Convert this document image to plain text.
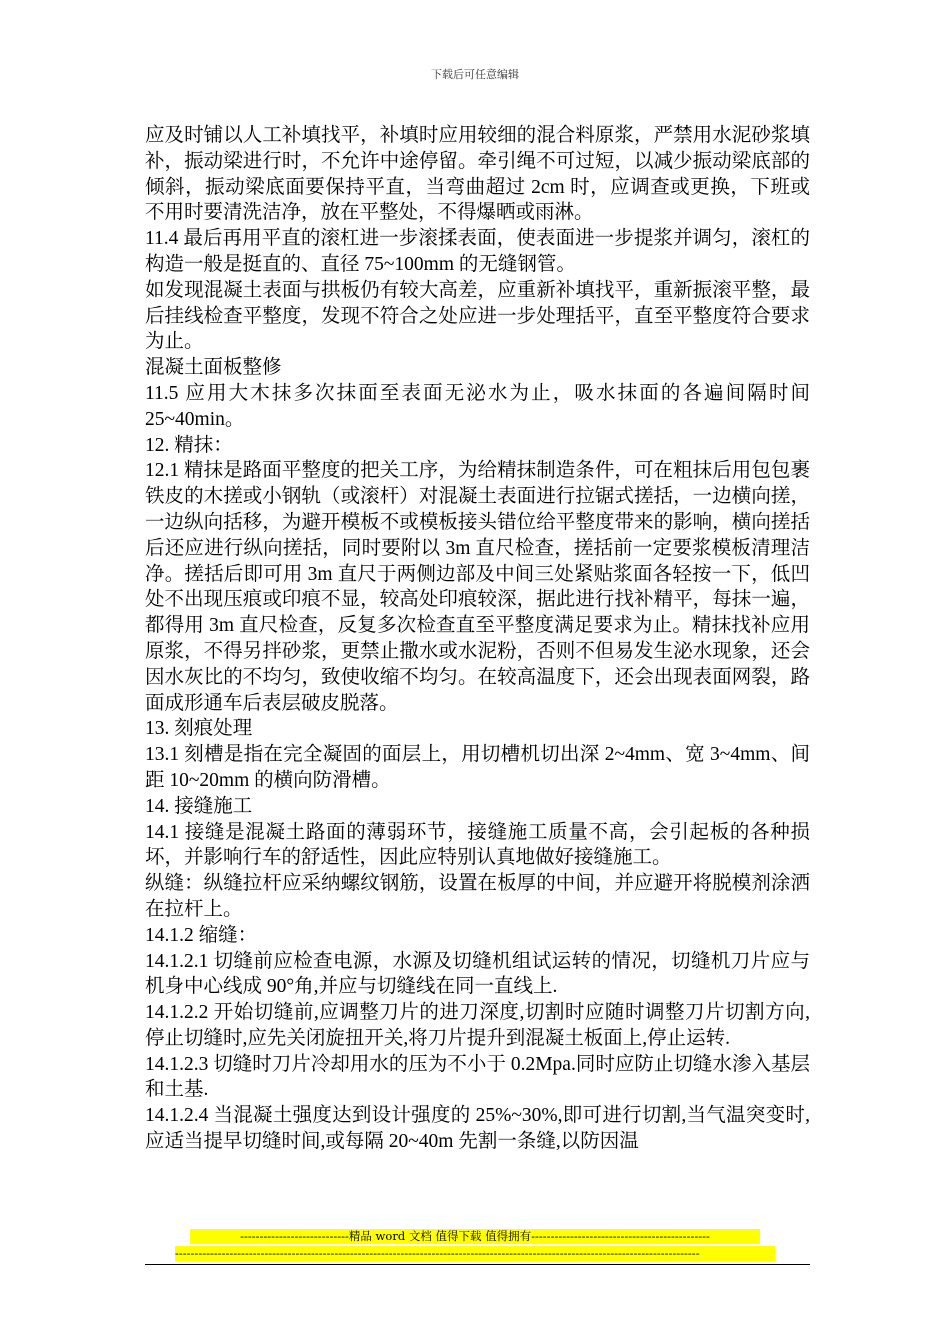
下载后可任意编辑

应及时铺以人工补填找平，补填时应用较细的混合料原浆，严禁用水泥砂浆填补，振动梁进行时，不允许中途停留。牵引绳不可过短，以减少振动梁底部的倾斜，振动梁底面要保持平直，当弯曲超过 2cm 时，应调查或更换，下班或不用时要清洗洁净，放在平整处，不得爆晒或雨淋。

11.4 最后再用平直的滚杠进一步滚揉表面，使表面进一步提浆并调匀，滚杠的构造一般是挺直的、直径 75~100mm 的无缝钢管。

如发现混凝土表面与拱板仍有较大高差，应重新补填找平，重新振滚平整，最后挂线检查平整度，发现不符合之处应进一步处理括平，直至平整度符合要求为止。

混凝土面板整修

11.5 应用大木抹多次抹面至表面无泌水为止，吸水抹面的各遍间隔时间 25~40min。

12. 精抹：

12.1 精抹是路面平整度的把关工序，为给精抹制造条件，可在粗抹后用包包裹铁皮的木搓或小钢轨（或滚杆）对混凝土表面进行拉锯式搓括，一边横向搓，一边纵向括移，为避开模板不或模板接头错位给平整度带来的影响，横向搓括后还应进行纵向搓括，同时要附以 3m 直尺检查，搓括前一定要浆模板清理洁净。搓括后即可用 3m 直尺于两侧边部及中间三处紧贴浆面各轻按一下，低凹处不出现压痕或印痕不显，较高处印痕较深，据此进行找补精平，每抹一遍，都得用 3m 直尺检查，反复多次检查直至平整度满足要求为止。精抹找补应用原浆，不得另拌砂浆，更禁止撒水或水泥粉，否则不但易发生泌水现象，还会因水灰比的不均匀，致使收缩不均匀。在较高温度下，还会出现表面网裂，路面成形通车后表层破皮脱落。

13. 刻痕处理

13.1 刻槽是指在完全凝固的面层上，用切槽机切出深 2~4mm、宽 3~4mm、间距 10~20mm 的横向防滑槽。

14. 接缝施工

14.1 接缝是混凝土路面的薄弱环节，接缝施工质量不高，会引起板的各种损坏，并影响行车的舒适性，因此应特别认真地做好接缝施工。

纵缝：纵缝拉杆应采纳螺纹钢筋，设置在板厚的中间，并应避开将脱模剂涂洒在拉杆上。

14.1.2 缩缝：

14.1.2.1 切缝前应检查电源，水源及切缝机组试运转的情况，切缝机刀片应与机身中心线成 90°角,并应与切缝线在同一直线上.

14.1.2.2 开始切缝前,应调整刀片的进刀深度,切割时应随时调整刀片切割方向,停止切缝时,应先关闭旋扭开关,将刀片提升到混凝土板面上,停止运转.

14.1.2.3 切缝时刀片冷却用水的压为不小于 0.2Mpa.同时应防止切缝水渗入基层和土基.

14.1.2.4 当混凝土强度达到设计强度的 25%~30%,即可进行切割,当气温突变时,应适当提早切缝时间,或每隔 20~40m 先割一条缝,以防因温

----------------------------精品 word 文档 值得下载 值得拥有----------------------------------------------
---------------------------------------------------------------------------------------------------------------------------------------
